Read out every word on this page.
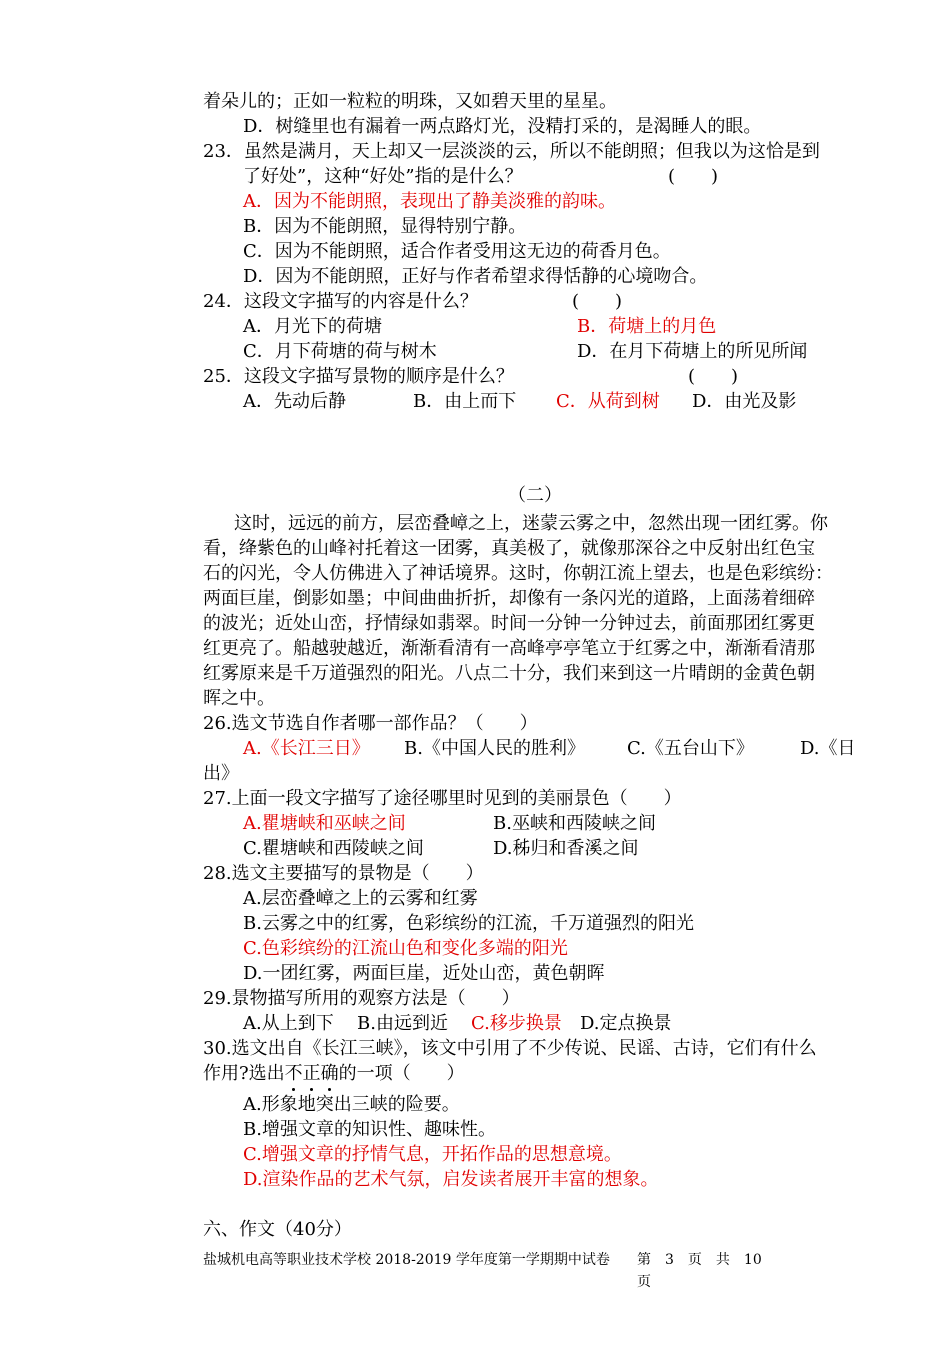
着朵儿的；正如一粒粒的明珠，又如碧天里的星星。
D．树缝里也有漏着一两点路灯光，没精打采的，是渴睡人的眼。
23．虽然是满月，天上却又一层淡淡的云，所以不能朗照；但我以为这恰是到
了好处”，这种“好处”指的是什么？	(　　)
A．因为不能朗照，表现出了静美淡雅的韵味。
B．因为不能朗照，显得特别宁静。
C．因为不能朗照，适合作者受用这无边的荷香月色。
D．因为不能朗照，正好与作者希望求得恬静的心境吻合。
24．这段文字描写的内容是什么？	(　　)
A．月光下的荷塘	B．荷塘上的月色
C．月下荷塘的荷与树木	D．在月下荷塘上的所见所闻
25．这段文字描写景物的顺序是什么？	(　　)
A．先动后静	B．由上而下 C．从荷到树 D．由光及影
（二）
这时，远远的前方，层峦叠嶂之上，迷蒙云雾之中，忽然出现一团红雾。你
看，绛紫色的山峰衬托着这一团雾，真美极了，就像那深谷之中反射出红色宝
石的闪光，令人仿佛进入了神话境界。这时，你朝江流上望去，也是色彩缤纷：
两面巨崖，倒影如墨；中间曲曲折折，却像有一条闪光的道路，上面荡着细碎
的波光；近处山峦，抒情绿如翡翠。时间一分钟一分钟过去，前面那团红雾更
红更亮了。船越驶越近，渐渐看清有一高峰亭亭笔立于红雾之中，渐渐看清那
红雾原来是千万道强烈的阳光。八点二十分，我们来到这一片晴朗的金黄色朝
晖之中。
26.选文节选自作者哪一部作品？（　　）
A.《长江三日》 B.《中国人民的胜利》 C.《五台山下》	D.《日
出》
27.上面一段文字描写了途径哪里时见到的美丽景色（　　）
A.瞿塘峡和巫峡之间	B.巫峡和西陵峡之间
C.瞿塘峡和西陵峡之间	D.秭归和香溪之间
28.选文主要描写的景物是（　　）
A.层峦叠嶂之上的云雾和红雾
B.云雾之中的红雾，色彩缤纷的江流，千万道强烈的阳光
C.色彩缤纷的江流山色和变化多端的阳光
D.一团红雾，两面巨崖，近处山峦，黄色朝晖
29.景物描写所用的观察方法是（　　）
A.从上到下 B.由远到近 C.移步换景 D.定点换景
30.选文出自《长江三峡》，该文中引用了不少传说、民谣、古诗，它们有什么
作用?选出不正确的一项（　　）
A.形象地突出三峡的险要。
B.增强文章的知识性、趣味性。
C.增强文章的抒情气息，开拓作品的思想意境。
D.渲染作品的艺术气氛，启发读者展开丰富的想象。
六、作文（40分）
盐城机电高等职业技术学校 2018-2019 学年度第一学期期中试卷 第　3　页　共　10
页
